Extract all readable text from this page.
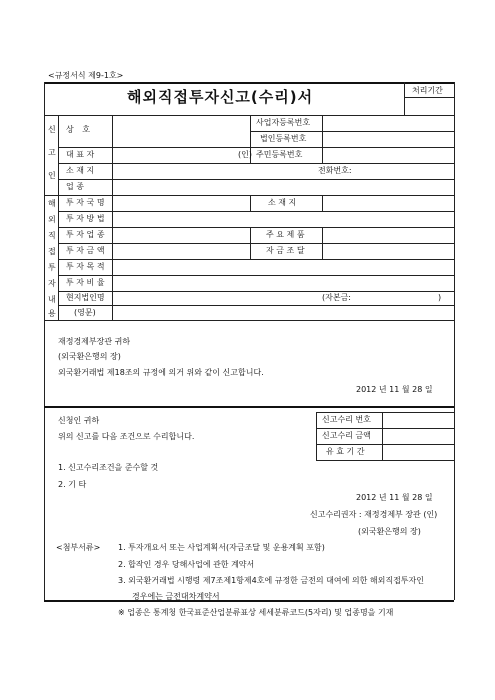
<규정서식 제9-1호>
해외직접투자신고(수리)서	처리기간
신
고
인
상 호
사업자등록번호
법인등록번호
대 표 자	(인) 주민등록번호
소 재 지	전화번호:
업 종
해
외
직
접
투
자
내
용
투 자 국 명	소 재 지
투 자 방 법
투 자 업 종	주 요 제 품
투 자 금 액	자 금 조 달
투 자 목 적
투 자 비 율
현지법인명	(자본금:	)
(영문)
재정경제부장관 귀하
(외국환은행의 장)
외국환거래법 제18조의 규정에 의거 위와 같이 신고합니다.
2012 년 11 월 28 일
신청인 귀하
위의 신고를 다음 조건으로 수리합니다.
신고수리 번호
신고수리 금액
유 효 기 간
1. 신고수리조건을 준수할 것
2. 기 타
2012 년 11 월 28 일
신고수리권자 : 재정경제부 장관 (인)
(외국환은행의 장)
<첨부서류> 1. 투자개요서 또는 사업계획서(자금조달 및 운용계획 포함)
2. 합작인 경우 당해사업에 관한 계약서
3. 외국환거래법 시행령 제7조제1항제4호에 규정한 금전의 대여에 의한 해외직접투자인
경우에는 금전대차계약서
※ 업종은 통계청 한국표준산업분류표상 세세분류코드(5자리) 및 업종명을 기재
